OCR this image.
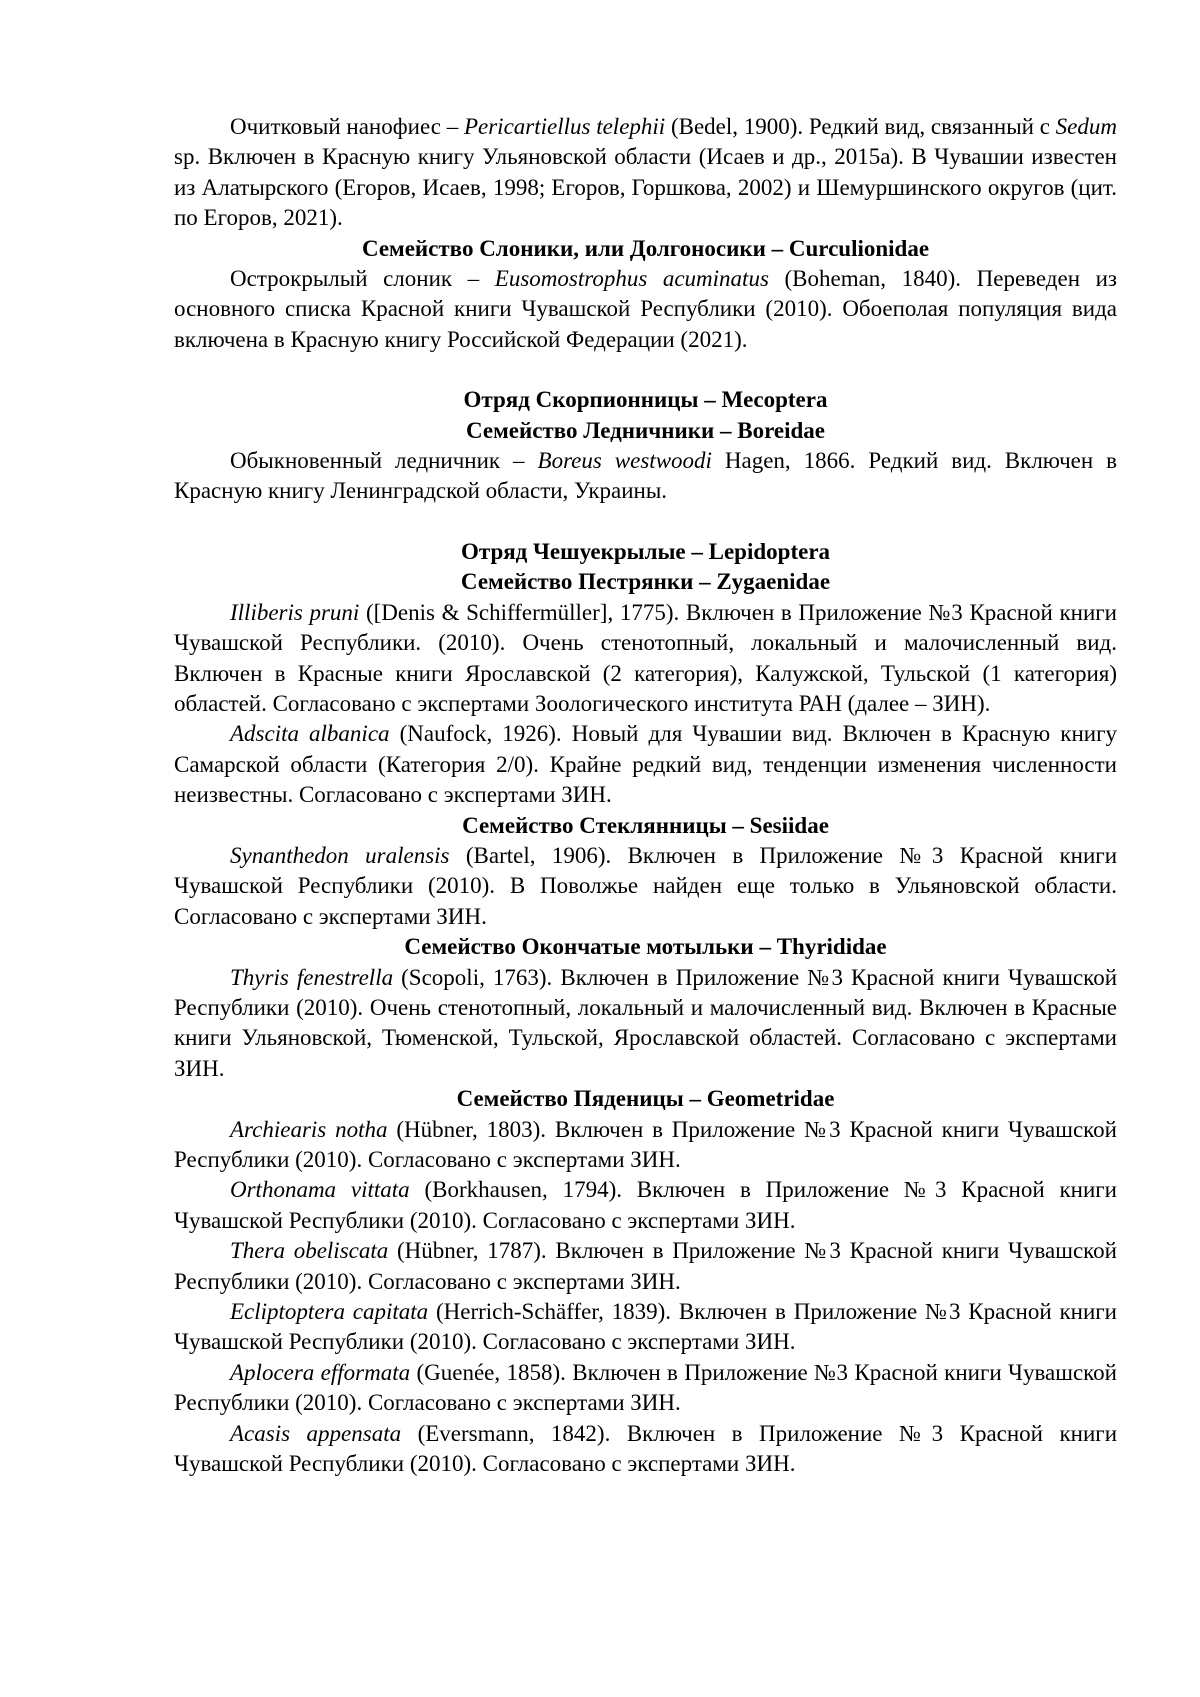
Очитковый нанофиес – Pericartiellus telephii (Bedel, 1900). Редкий вид, связанный с Sedum sp. Включен в Красную книгу Ульяновской области (Исаев и др., 2015а). В Чувашии известен из Алатырского (Егоров, Исаев, 1998; Егоров, Горшкова, 2002) и Шемуршинского округов (цит. по Егоров, 2021).

Семейство Слоники, или Долгоносики – Curculionidae

Острокрылый слоник – Eusomostrophus acuminatus (Boheman, 1840). Переведен из основного списка Красной книги Чувашской Республики (2010). Обоеполая популяция вида включена в Красную книгу Российской Федерации (2021).

Отряд Скорпионницы – Mecoptera

Семейство Ледничники – Boreidae

Обыкновенный ледничник – Boreus westwoodi Hagen, 1866. Редкий вид. Включен в Красную книгу Ленинградской области, Украины.

Отряд Чешуекрылые – Lepidoptera

Семейство Пестрянки – Zygaenidae

Illiberis pruni ([Denis & Schiffermüller], 1775). Включен в Приложение №3 Красной книги Чувашской Республики. (2010). Очень стенотопный, локальный и малочисленный вид. Включен в Красные книги Ярославской (2 категория), Калужской, Тульской (1 категория) областей. Согласовано с экспертами Зоологического института РАН (далее – ЗИН).

Adscita albanica (Naufock, 1926). Новый для Чувашии вид. Включен в Красную книгу Самарской области (Категория 2/0). Крайне редкий вид, тенденции изменения численности неизвестны. Согласовано с экспертами ЗИН.

Семейство Стеклянницы – Sesiidae

Synanthedon uralensis (Bartel, 1906). Включен в Приложение №3 Красной книги Чувашской Республики (2010). В Поволжье найден еще только в Ульяновской области. Согласовано с экспертами ЗИН.

Семейство Окончатые мотыльки – Thyrididae

Thyris fenestrella (Scopoli, 1763). Включен в Приложение №3 Красной книги Чувашской Республики (2010). Очень стенотопный, локальный и малочисленный вид. Включен в Красные книги Ульяновской, Тюменской, Тульской, Ярославской областей. Согласовано с экспертами ЗИН.

Семейство Пяденицы – Geometridae

Archiearis notha (Hübner, 1803). Включен в Приложение №3 Красной книги Чувашской Республики (2010). Согласовано с экспертами ЗИН.

Orthonama vittata (Borkhausen, 1794). Включен в Приложение №3 Красной книги Чувашской Республики (2010). Согласовано с экспертами ЗИН.

Thera obeliscata (Hübner, 1787). Включен в Приложение №3 Красной книги Чувашской Республики (2010). Согласовано с экспертами ЗИН.

Ecliptoptera capitata (Herrich-Schäffer, 1839). Включен в Приложение №3 Красной книги Чувашской Республики (2010). Согласовано с экспертами ЗИН.

Aplocera efformata (Guenée, 1858). Включен в Приложение №3 Красной книги Чувашской Республики (2010). Согласовано с экспертами ЗИН.

Acasis appensata (Eversmann, 1842). Включен в Приложение №3 Красной книги Чувашской Республики (2010). Согласовано с экспертами ЗИН.
